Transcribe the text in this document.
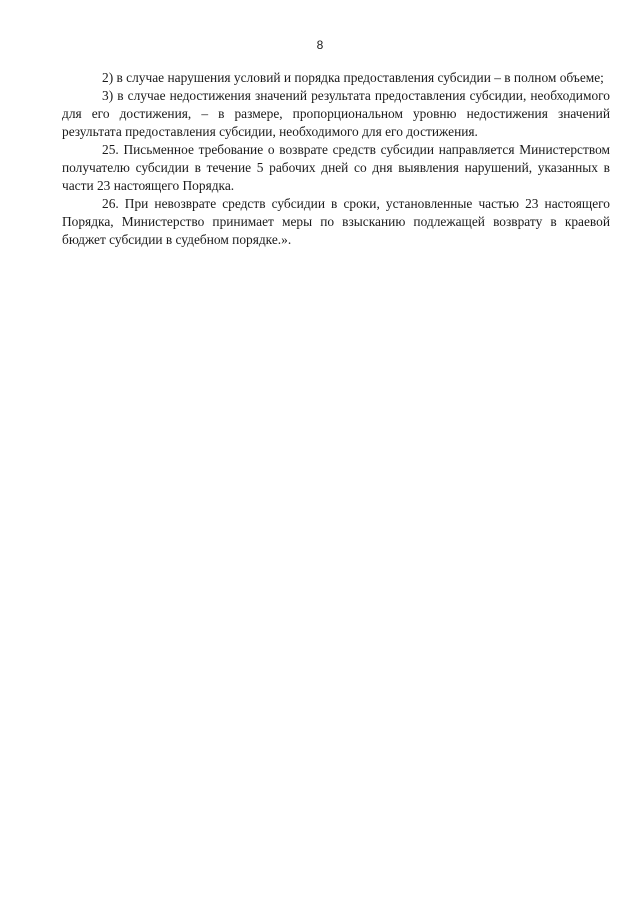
8

2) в случае нарушения условий и порядка предоставления субсидии – в полном объеме;

3) в случае недостижения значений результата предоставления субсидии, необходимого для его достижения, – в размере, пропорциональном уровню недостижения значений результата предоставления субсидии, необходимого для его достижения.

25. Письменное требование о возврате средств субсидии направляется Министерством получателю субсидии в течение 5 рабочих дней со дня выявления нарушений, указанных в части 23 настоящего Порядка.

26. При невозврате средств субсидии в сроки, установленные частью 23 настоящего Порядка, Министерство принимает меры по взысканию подлежащей возврату в краевой бюджет субсидии в судебном порядке.».
